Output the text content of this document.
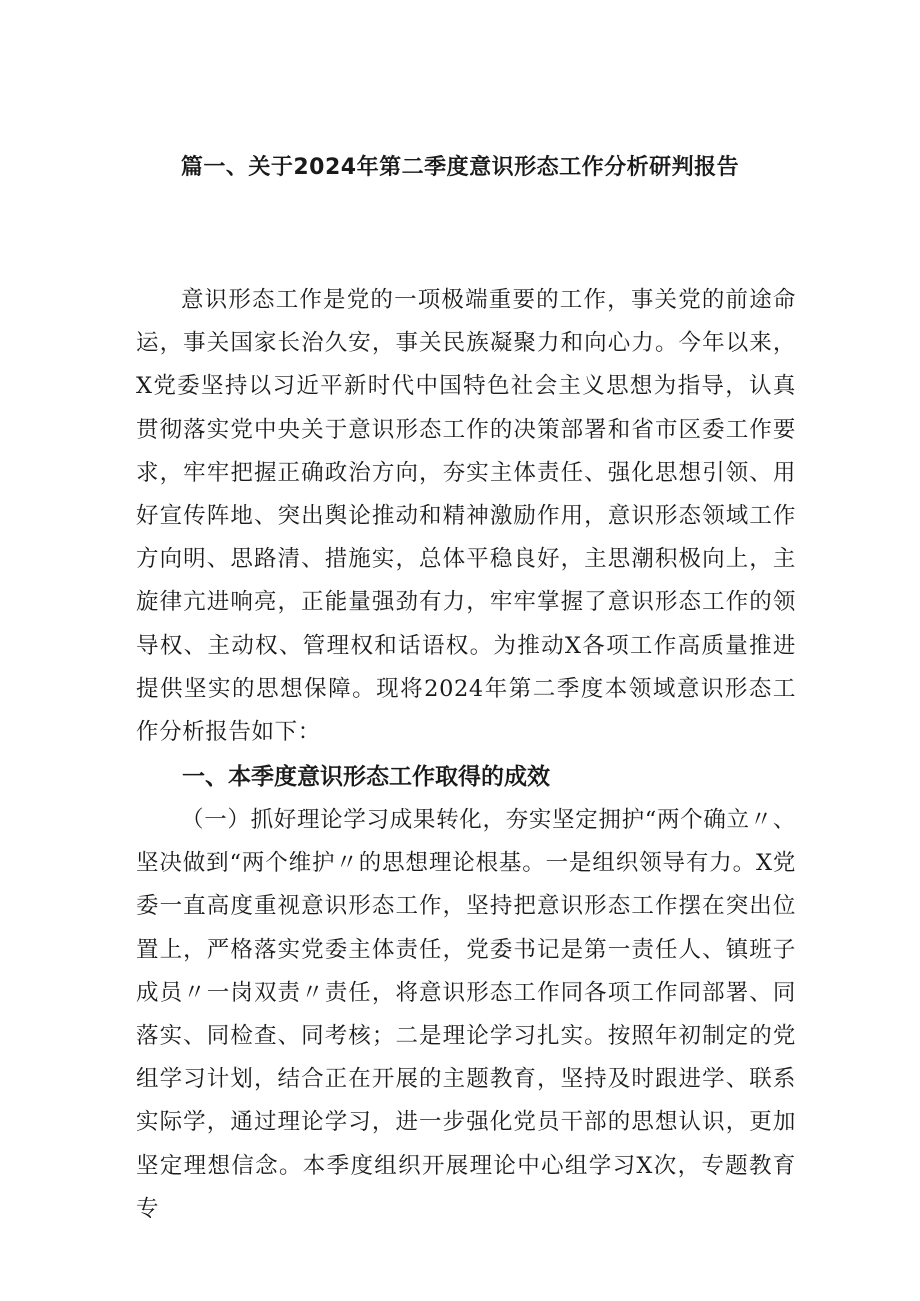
篇一、关于2024年第二季度意识形态工作分析研判报告

意识形态工作是党的一项极端重要的工作，事关党的前途命运，事关国家长治久安，事关民族凝聚力和向心力。今年以来，X党委坚持以习近平新时代中国特色社会主义思想为指导，认真贯彻落实党中央关于意识形态工作的决策部署和省市区委工作要求，牢牢把握正确政治方向，夯实主体责任、强化思想引领、用好宣传阵地、突出舆论推动和精神激励作用，意识形态领域工作方向明、思路清、措施实，总体平稳良好，主思潮积极向上，主旋律亢进响亮，正能量强劲有力，牢牢掌握了意识形态工作的领导权、主动权、管理权和话语权。为推动X各项工作高质量推进提供坚实的思想保障。现将2024年第二季度本领域意识形态工作分析报告如下：

一、本季度意识形态工作取得的成效

（一）抓好理论学习成果转化，夯实坚定拥护“两个确立〃、坚决做到“两个维护〃的思想理论根基。一是组织领导有力。X党委一直高度重视意识形态工作，坚持把意识形态工作摆在突出位置上，严格落实党委主体责任，党委书记是第一责任人、镇班子成员〃一岗双责〃责任，将意识形态工作同各项工作同部署、同落实、同检查、同考核；二是理论学习扎实。按照年初制定的党组学习计划，结合正在开展的主题教育，坚持及时跟进学、联系实际学，通过理论学习，进一步强化党员干部的思想认识，更加坚定理想信念。本季度组织开展理论中心组学习X次，专题教育专
